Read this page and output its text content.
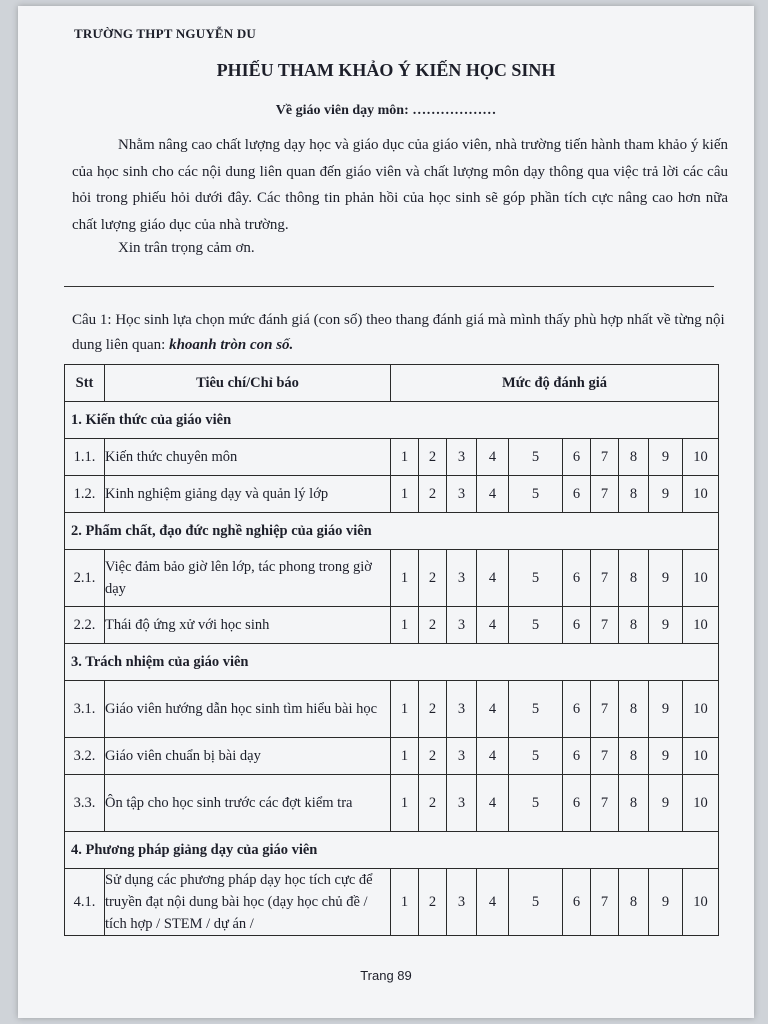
TRƯỜNG THPT NGUYỄN DU
PHIẾU THAM KHẢO Ý KIẾN HỌC SINH
Về giáo viên dạy môn: ………………

Nhằm nâng cao chất lượng dạy học và giáo dục của giáo viên, nhà trường tiến hành tham khảo ý kiến của học sinh cho các nội dung liên quan đến giáo viên và chất lượng môn dạy thông qua việc trả lời các câu hỏi trong phiếu hỏi dưới đây. Các thông tin phản hồi của học sinh sẽ góp phần tích cực nâng cao hơn nữa chất lượng giáo dục của nhà trường.

Xin trân trọng cảm ơn.
Câu 1: Học sinh lựa chọn mức đánh giá (con số) theo thang đánh giá mà mình thấy phù hợp nhất về từng nội dung liên quan: khoanh tròn con số.
Stt	Tiêu chí/Chỉ báo	Mức độ đánh giá									
1. Kiến thức của giáo viên											
1.1.	Kiến thức chuyên môn	1	2	3	4	5	6	7	8	9	10
1.2.	Kinh nghiệm giảng dạy và quản lý lớp	1	2	3	4	5	6	7	8	9	10
2. Phẩm chất, đạo đức nghề nghiệp của giáo viên											
2.1.	Việc đảm bảo giờ lên lớp, tác phong trong giờ dạy	1	2	3	4	5	6	7	8	9	10
2.2.	Thái độ ứng xử với học sinh	1	2	3	4	5	6	7	8	9	10
3. Trách nhiệm của giáo viên											
3.1.	Giáo viên hướng dẫn học sinh tìm hiểu bài học	1	2	3	4	5	6	7	8	9	10
3.2.	Giáo viên chuẩn bị bài dạy	1	2	3	4	5	6	7	8	9	10
3.3.	Ôn tập cho học sinh trước các đợt kiểm tra	1	2	3	4	5	6	7	8	9	10
4. Phương pháp giảng dạy của giáo viên											
4.1.	Sử dụng các phương pháp dạy học tích cực để truyền đạt nội dung bài học (dạy học chủ đề / tích hợp / STEM / dự án /	1	2	3	4	5	6	7	8	9	10
Trang 89
